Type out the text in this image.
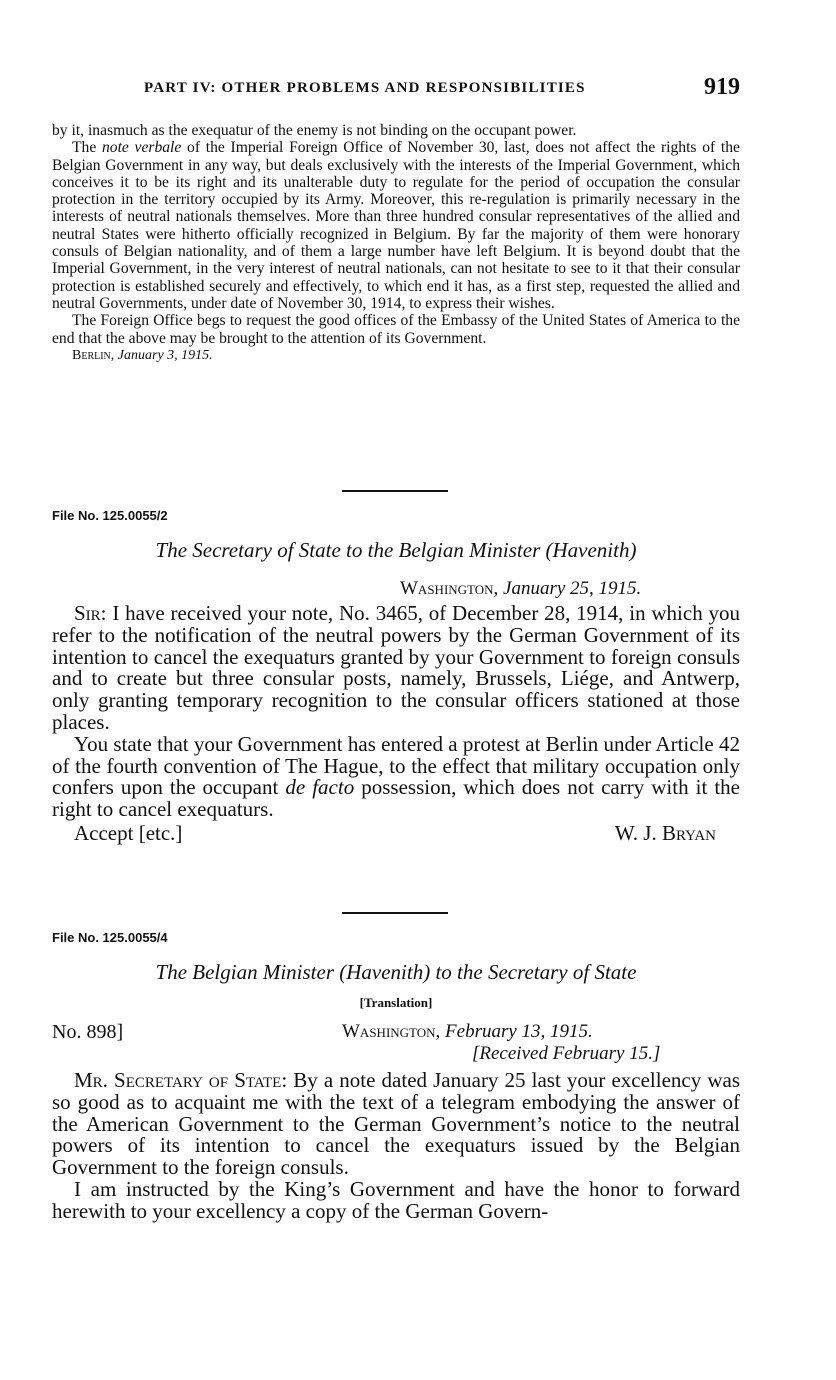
PART IV: OTHER PROBLEMS AND RESPONSIBILITIES	919

by it, inasmuch as the exequatur of the enemy is not binding on the occupant power.

The note verbale of the Imperial Foreign Office of November 30, last, does not affect the rights of the Belgian Government in any way, but deals exclusively with the interests of the Imperial Government, which conceives it to be its right and its unalterable duty to regulate for the period of occupation the consular protection in the territory occupied by its Army. Moreover, this re-regulation is primarily necessary in the interests of neutral nationals themselves. More than three hundred consular representatives of the allied and neutral States were hitherto officially recognized in Belgium. By far the majority of them were honorary consuls of Belgian nationality, and of them a large number have left Belgium. It is beyond doubt that the Imperial Government, in the very interest of neutral nationals, can not hesitate to see to it that their consular protection is established securely and effectively, to which end it has, as a first step, requested the allied and neutral Governments, under date of November 30, 1914, to express their wishes.

The Foreign Office begs to request the good offices of the Embassy of the United States of America to the end that the above may be brought to the attention of its Government.

Berlin, January 3, 1915.
File No. 125.0055/2
The Secretary of State to the Belgian Minister (Havenith)
Washington, January 25, 1915.

Sir: I have received your note, No. 3465, of December 28, 1914, in which you refer to the notification of the neutral powers by the German Government of its intention to cancel the exequaturs granted by your Government to foreign consuls and to create but three consular posts, namely, Brussels, Liége, and Antwerp, only granting temporary recognition to the consular officers stationed at those places.

You state that your Government has entered a protest at Berlin under Article 42 of the fourth convention of The Hague, to the effect that military occupation only confers upon the occupant de facto possession, which does not carry with it the right to cancel exequaturs.

Accept [etc.]	W. J. Bryan
File No. 125.0055/4
The Belgian Minister (Havenith) to the Secretary of State
[Translation]
No. 898]	Washington, February 13, 1915.
[Received February 15.]

Mr. Secretary of State: By a note dated January 25 last your excellency was so good as to acquaint me with the text of a telegram embodying the answer of the American Government to the German Government’s notice to the neutral powers of its intention to cancel the exequaturs issued by the Belgian Government to the foreign consuls.

I am instructed by the King’s Government and have the honor to forward herewith to your excellency a copy of the German Govern-
